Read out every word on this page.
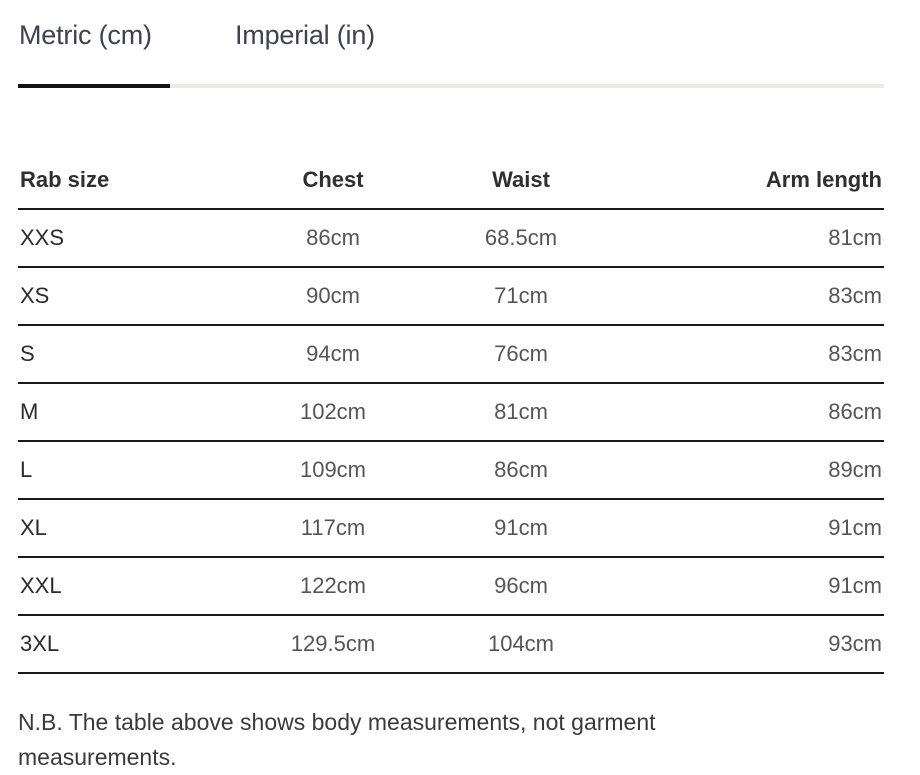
Metric (cm)	Imperial (in)
Rab size	Chest	Waist	Arm length
XXS	86cm	68.5cm	81cm
XS	90cm	71cm	83cm
S	94cm	76cm	83cm
M	102cm	81cm	86cm
L	109cm	86cm	89cm
XL	117cm	91cm	91cm
XXL	122cm	96cm	91cm
3XL	129.5cm	104cm	93cm

N.B. The table above shows body measurements, not garment measurements.
